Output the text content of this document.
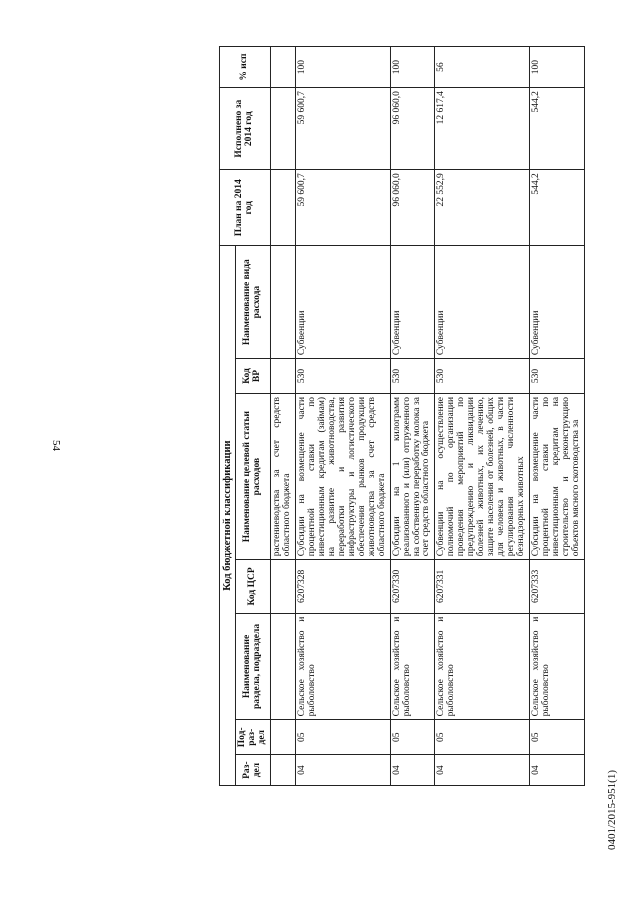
54
0401/2015-951(1)
Код бюджетной классификации							План на 2014 год	Исполнено за 2014 год	% исп
Раз-дел	Под-раз-дел	Наименование раздела, подраздела	Код ЦСР	Наименование целевой статьи расходов	Код ВР	Наименование вида расхода			
				растениеводства за счет средств областного бюджета					
04	05	Сельское хозяйство и рыболовство	6207328	Субсидии на возмещение части процентной ставки по инвестиционным кредитам (займам) на развитие животноводства, переработки и развития инфраструктуры и логистического обеспечения рынков продукции животноводства за счет средств областного бюджета	530	Субвенции	59 600,7	59 600,7	100
04	05	Сельское хозяйство и рыболовство	6207330	Субсидии на 1 килограмм реализованного и (или) отгруженного на собственную переработку молока за счет средств областного бюджета	530	Субвенции	96 060,0	96 060,0	100
04	05	Сельское хозяйство и рыболовство	6207331	Субвенции на осуществление полномочий по организации проведения мероприятий по предупреждению и ликвидации болезней животных, их лечению, защите населения от болезней, общих для человека и животных, в части регулирования численности безнадзорных животных	530	Субвенции	22 552,9	12 617,4	56
04	05	Сельское хозяйство и рыболовство	6207333	Субсидии на возмещение части процентной ставки по инвестиционным кредитам на строительство и реконструкцию объектов мясного скотоводства за	530	Субвенции	544,2	544,2	100
